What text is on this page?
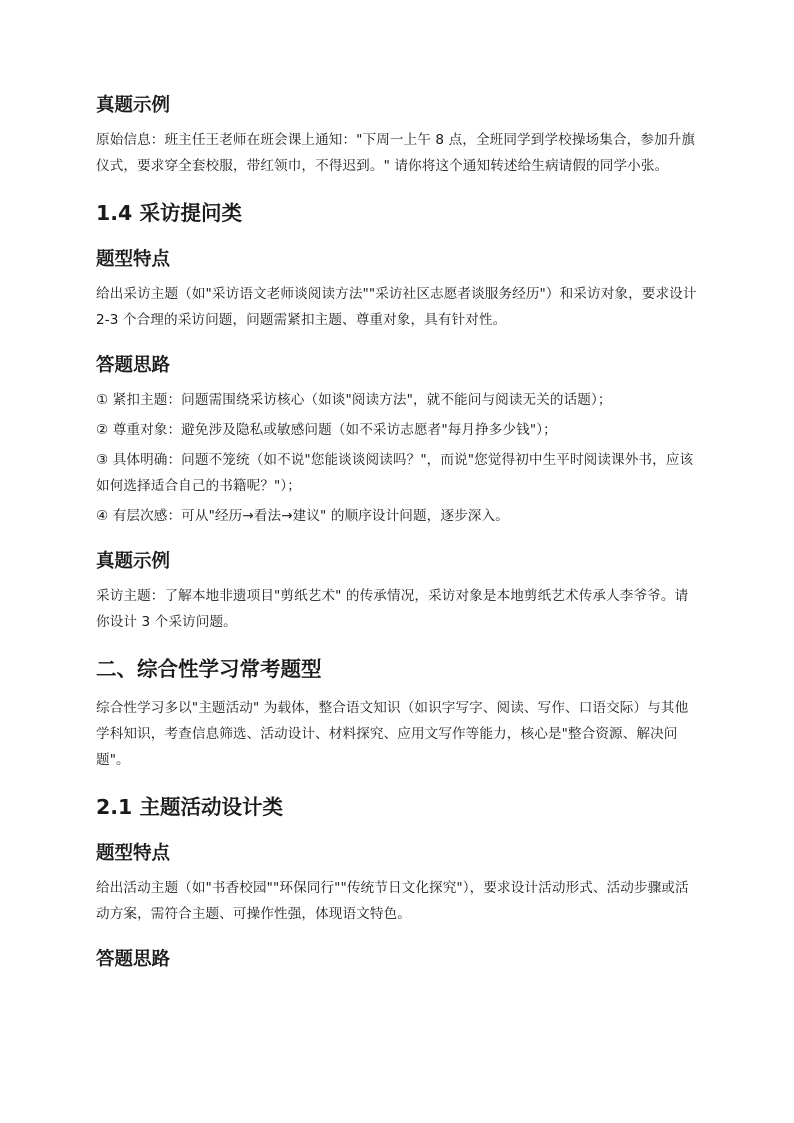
真题示例

原始信息：班主任王老师在班会课上通知："下周一上午 8 点，全班同学到学校操场集合，参加升旗仪式，要求穿全套校服，带红领巾，不得迟到。" 请你将这个通知转述给生病请假的同学小张。

1.4 采访提问类
题型特点

给出采访主题（如"采访语文老师谈阅读方法""采访社区志愿者谈服务经历"）和采访对象，要求设计 2-3 个合理的采访问题，问题需紧扣主题、尊重对象，具有针对性。

答题思路

① 紧扣主题：问题需围绕采访核心（如谈"阅读方法"，就不能问与阅读无关的话题）；

② 尊重对象：避免涉及隐私或敏感问题（如不采访志愿者"每月挣多少钱"）；

③ 具体明确：问题不笼统（如不说"您能谈谈阅读吗？"，而说"您觉得初中生平时阅读课外书，应该如何选择适合自己的书籍呢？"）；

④ 有层次感：可从"经历→看法→建议" 的顺序设计问题，逐步深入。

真题示例

采访主题：了解本地非遗项目"剪纸艺术" 的传承情况，采访对象是本地剪纸艺术传承人李爷爷。请你设计 3 个采访问题。

二、综合性学习常考题型

综合性学习多以"主题活动" 为载体，整合语文知识（如识字写字、阅读、写作、口语交际）与其他学科知识，考查信息筛选、活动设计、材料探究、应用文写作等能力，核心是"整合资源、解决问题"。

2.1 主题活动设计类
题型特点

给出活动主题（如"书香校园""环保同行""传统节日文化探究"），要求设计活动形式、活动步骤或活动方案，需符合主题、可操作性强，体现语文特色。

答题思路
